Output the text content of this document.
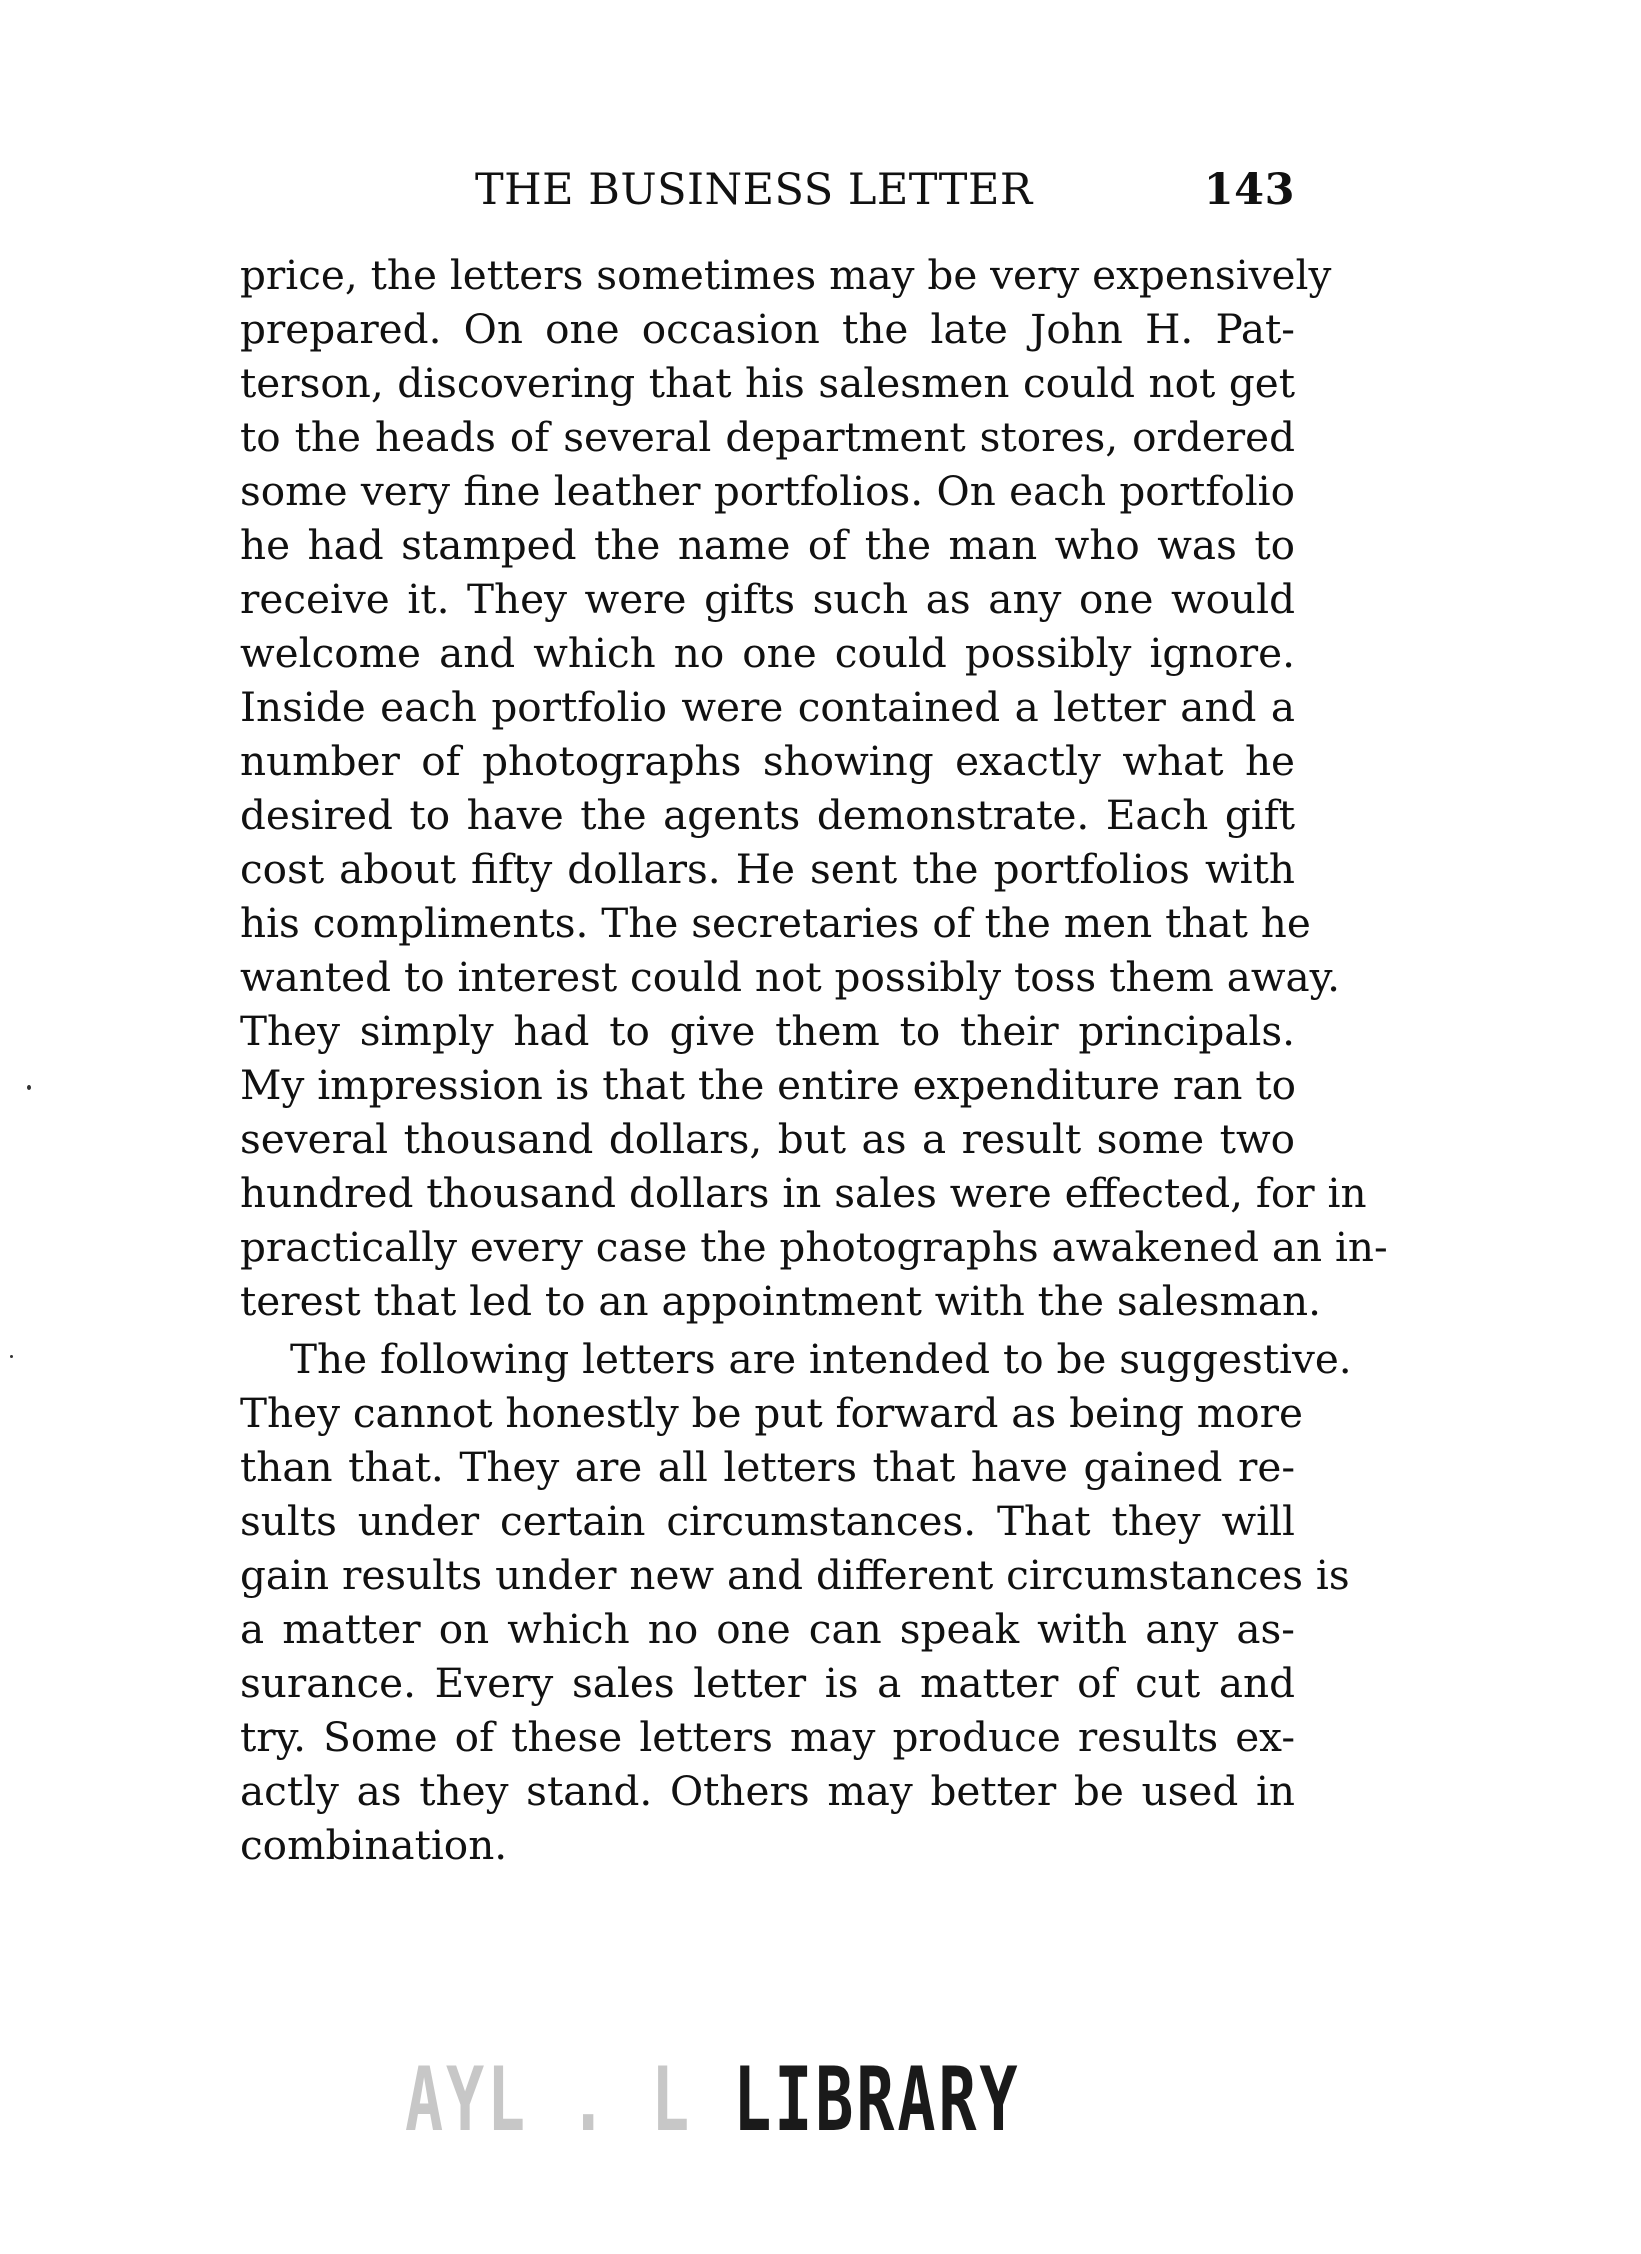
THE BUSINESS LETTER	143
price, the letters sometimes may be very expensively
prepared. On one occasion the late John H. Pat-
terson, discovering that his salesmen could not get
to the heads of several department stores, ordered
some very fine leather portfolios. On each portfolio
he had stamped the name of the man who was to
receive it. They were gifts such as any one would
welcome and which no one could possibly ignore.
Inside each portfolio were contained a letter and a
number of photographs showing exactly what he
desired to have the agents demonstrate. Each gift
cost about fifty dollars. He sent the portfolios with
his compliments. The secretaries of the men that he
wanted to interest could not possibly toss them away.
They simply had to give them to their principals.
My impression is that the entire expenditure ran to
several thousand dollars, but as a result some two
hundred thousand dollars in sales were effected, for in
practically every case the photographs awakened an in-
terest that led to an appointment with the salesman.
The following letters are intended to be suggestive.
They cannot honestly be put forward as being more
than that. They are all letters that have gained re-
sults under certain circumstances. That they will
gain results under new and different circumstances is
a matter on which no one can speak with any as-
surance. Every sales letter is a matter of cut and
try. Some of these letters may produce results ex-
actly as they stand. Others may better be used in
combination.
AYL . L LIBRARY
